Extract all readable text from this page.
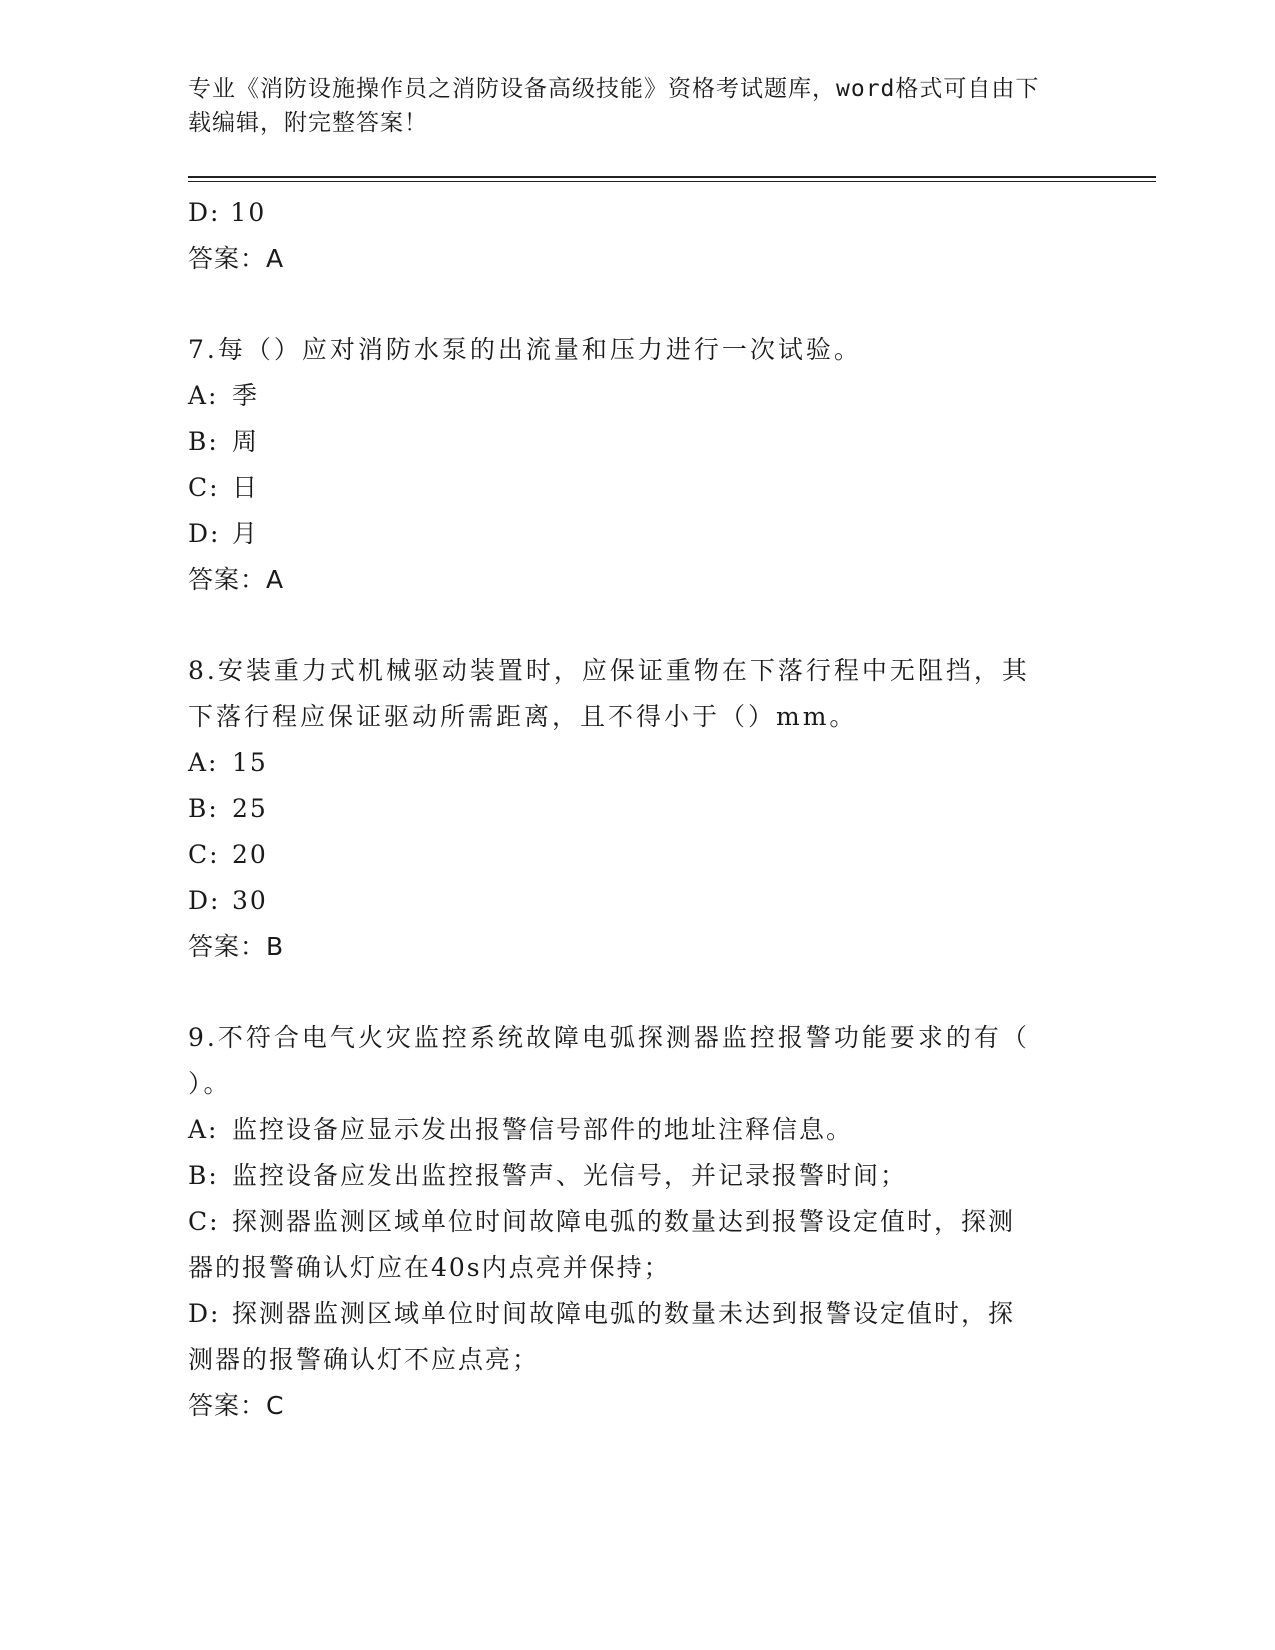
专业《消防设施操作员之消防设备高级技能》资格考试题库，word格式可自由下
载编辑，附完整答案！
D: 10
答案：A
7.每（）应对消防水泵的出流量和压力进行一次试验。
A: 季
B: 周
C: 日
D: 月
答案：A
8.安装重力式机械驱动装置时，应保证重物在下落行程中无阻挡，其
下落行程应保证驱动所需距离，且不得小于（）mm。
A: 15
B: 25
C: 20
D: 30
答案：B
9.不符合电气火灾监控系统故障电弧探测器监控报警功能要求的有（
）。
A: 监控设备应显示发出报警信号部件的地址注释信息。
B: 监控设备应发出监控报警声、光信号，并记录报警时间；
C: 探测器监测区域单位时间故障电弧的数量达到报警设定值时，探测
器的报警确认灯应在40s内点亮并保持；
D: 探测器监测区域单位时间故障电弧的数量未达到报警设定值时，探
测器的报警确认灯不应点亮；
答案：C
